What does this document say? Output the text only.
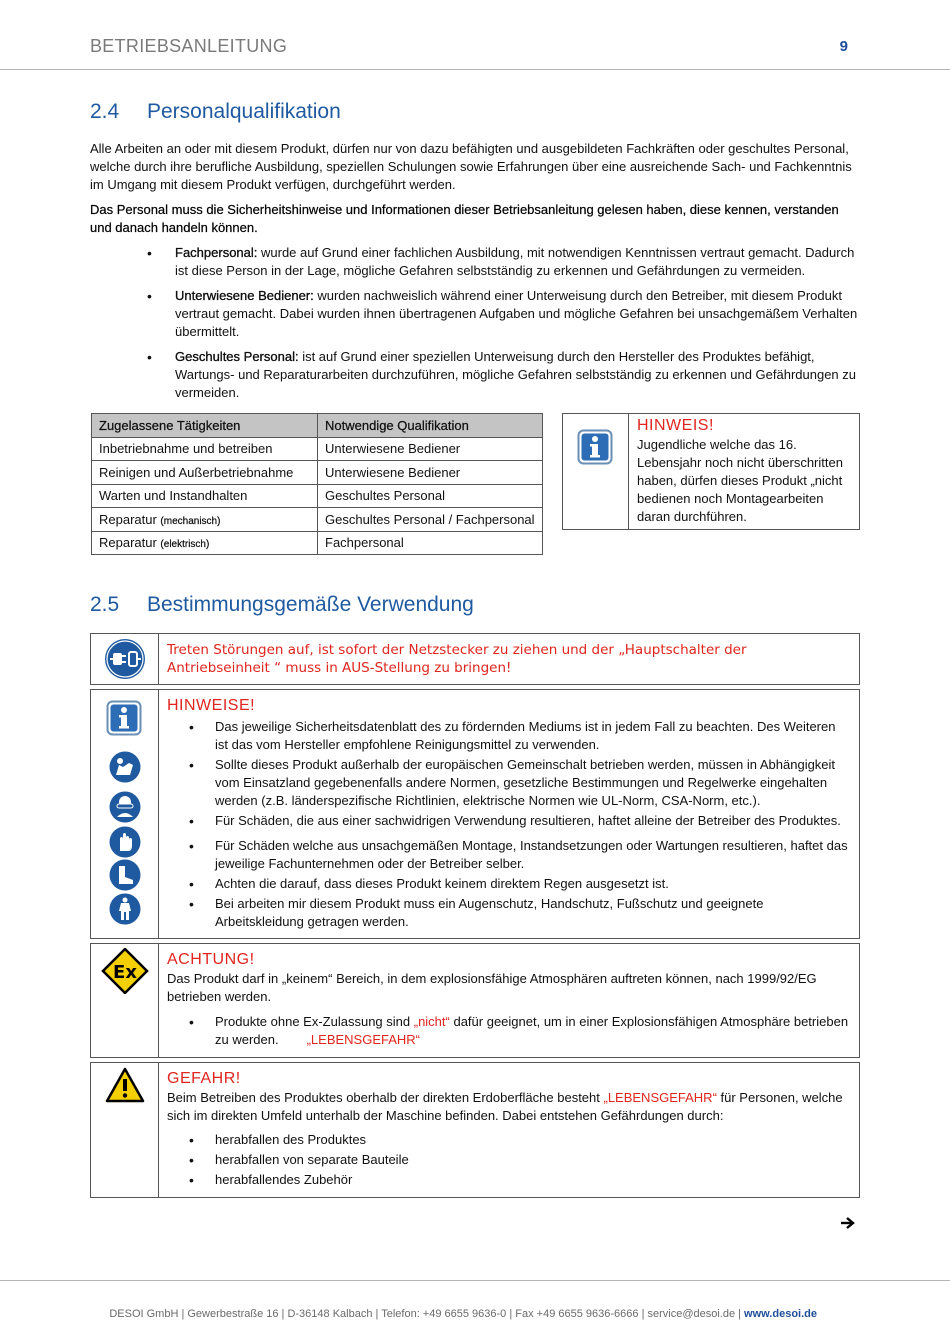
BETRIEBSANLEITUNG	9
2.4 Personalqualifikation

Alle Arbeiten an oder mit diesem Produkt, dürfen nur von dazu befähigten und ausgebildeten Fachkräften oder geschultes Personal, welche durch ihre berufliche Ausbildung, speziellen Schulungen sowie Erfahrungen über eine ausreichende Sach- und Fachkenntnis im Umgang mit diesem Produkt verfügen, durchgeführt werden.

Das Personal muss die Sicherheitshinweise und Informationen dieser Betriebsanleitung gelesen haben, diese kennen, verstanden und danach handeln können.

• Fachpersonal: wurde auf Grund einer fachlichen Ausbildung, mit notwendigen Kenntnissen vertraut gemacht. Dadurch ist diese Person in der Lage, mögliche Gefahren selbstständig zu erkennen und Gefährdungen zu vermeiden.
• Unterwiesene Bediener: wurden nachweislich während einer Unterweisung durch den Betreiber, mit diesem Produkt vertraut gemacht. Dabei wurden ihnen übertragenen Aufgaben und mögliche Gefahren bei unsachgemäßem Verhalten übermittelt.
• Geschultes Personal: ist auf Grund einer speziellen Unterweisung durch den Hersteller des Produktes befähigt, Wartungs- und Reparaturarbeiten durchzuführen, mögliche Gefahren selbstständig zu erkennen und Gefährdungen zu vermeiden.
Zugelassene Tätigkeiten	Notwendige Qualifikation
Inbetriebnahme und betreiben	Unterwiesene Bediener
Reinigen und Außerbetriebnahme	Unterwiesene Bediener
Warten und Instandhalten	Geschultes Personal
Reparatur (mechanisch)	Geschultes Personal / Fachpersonal
Reparatur (elektrisch)	Fachpersonal
HINWEIS!
Jugendliche welche das 16. Lebensjahr noch nicht überschritten haben, dürfen dieses Produkt „nicht bedienen noch Montagearbeiten daran durchführen.
2.5 Bestimmungsgemäße Verwendung
Treten Störungen auf, ist sofort der Netzstecker zu ziehen und der „Hauptschalter der Antriebseinheit “ muss in AUS-Stellung zu bringen!
HINWEISE!
• Das jeweilige Sicherheitsdatenblatt des zu fördernden Mediums ist in jedem Fall zu beachten. Des Weiteren ist das vom Hersteller empfohlene Reinigungsmittel zu verwenden.
• Sollte dieses Produkt außerhalb der europäischen Gemeinschalt betrieben werden, müssen in Abhängigkeit vom Einsatzland gegebenenfalls andere Normen, gesetzliche Bestimmungen und Regelwerke eingehalten werden (z.B. länderspezifische Richtlinien, elektrische Normen wie UL-Norm, CSA-Norm, etc.).
• Für Schäden, die aus einer sachwidrigen Verwendung resultieren, haftet alleine der Betreiber des Produktes.
• Für Schäden welche aus unsachgemäßen Montage, Instandsetzungen oder Wartungen resultieren, haftet das jeweilige Fachunternehmen oder der Betreiber selber.
• Achten die darauf, dass dieses Produkt keinem direktem Regen ausgesetzt ist.
• Bei arbeiten mir diesem Produkt muss ein Augenschutz, Handschutz, Fußschutz und geeignete Arbeitskleidung getragen werden.
Ex
ACHTUNG!
Das Produkt darf in „keinem“ Bereich, in dem explosionsfähige Atmosphären auftreten können, nach 1999/92/EG betrieben werden.
• Produkte ohne Ex-Zulassung sind „nicht“ dafür geeignet, um in einer Explosionsfähigen Atmosphäre betrieben zu werden. „LEBENSGEFAHR“
GEFAHR!
Beim Betreiben des Produktes oberhalb der direkten Erdoberfläche besteht „LEBENSGEFAHR“ für Personen, welche sich im direkten Umfeld unterhalb der Maschine befinden. Dabei entstehen Gefährdungen durch:
• herabfallen des Produktes
• herabfallen von separate Bauteile
• herabfallendes Zubehör
DESOI GmbH | Gewerbestraße 16 | D-36148 Kalbach | Telefon: +49 6655 9636-0 | Fax +49 6655 9636-6666 | service@desoi.de | www.desoi.de
